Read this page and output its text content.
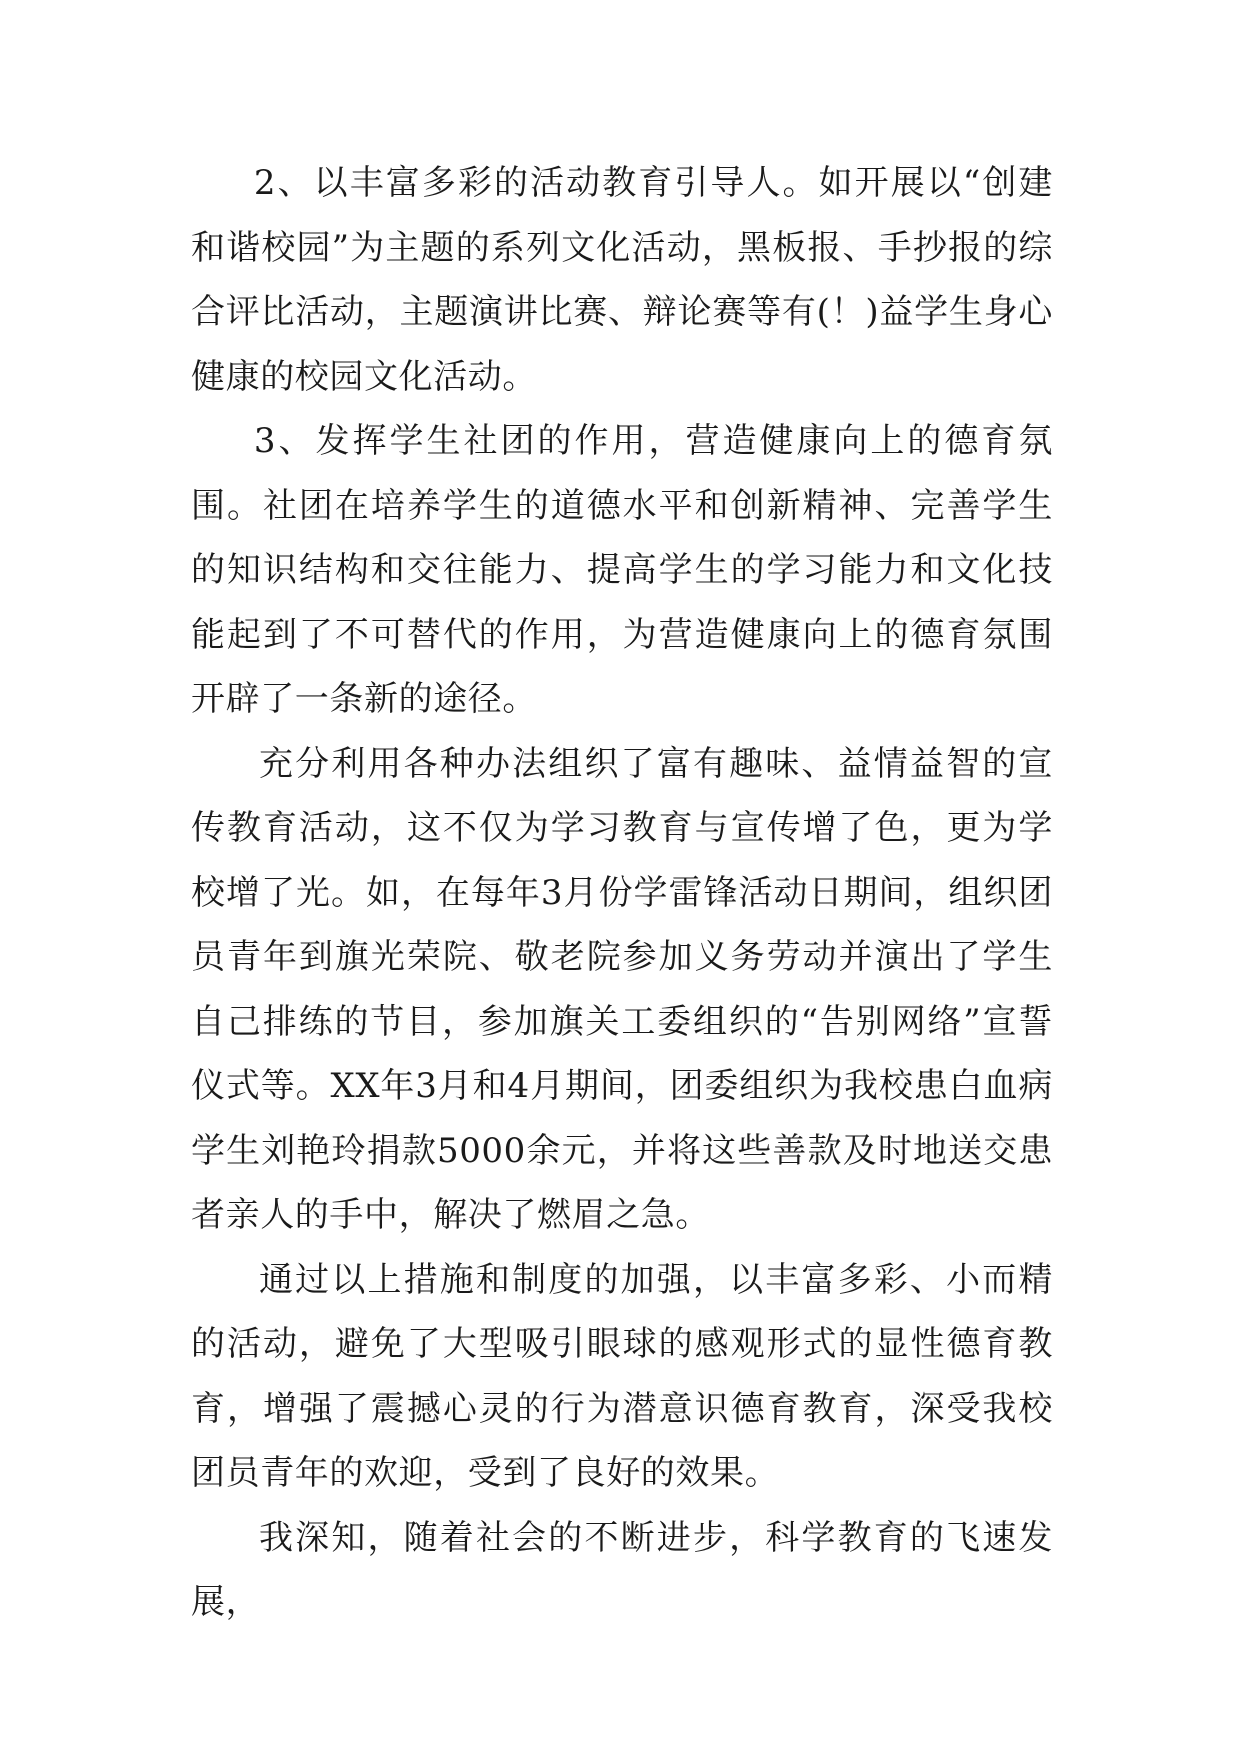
2、以丰富多彩的活动教育引导人。如开展以“创建和谐校园”为主题的系列文化活动，黑板报、手抄报的综合评比活动，主题演讲比赛、辩论赛等有(！)益学生身心健康的校园文化活动。

3、发挥学生社团的作用，营造健康向上的德育氛围。社团在培养学生的道德水平和创新精神、完善学生的知识结构和交往能力、提高学生的学习能力和文化技能起到了不可替代的作用，为营造健康向上的德育氛围开辟了一条新的途径。

充分利用各种办法组织了富有趣味、益情益智的宣传教育活动，这不仅为学习教育与宣传增了色，更为学校增了光。如，在每年3月份学雷锋活动日期间，组织团员青年到旗光荣院、敬老院参加义务劳动并演出了学生自己排练的节目，参加旗关工委组织的“告别网络”宣誓仪式等。XX年3月和4月期间，团委组织为我校患白血病学生刘艳玲捐款5000余元，并将这些善款及时地送交患者亲人的手中，解决了燃眉之急。

通过以上措施和制度的加强，以丰富多彩、小而精的活动，避免了大型吸引眼球的感观形式的显性德育教育，增强了震撼心灵的行为潜意识德育教育，深受我校团员青年的欢迎，受到了良好的效果。

我深知，随着社会的不断进步，科学教育的飞速发展，
